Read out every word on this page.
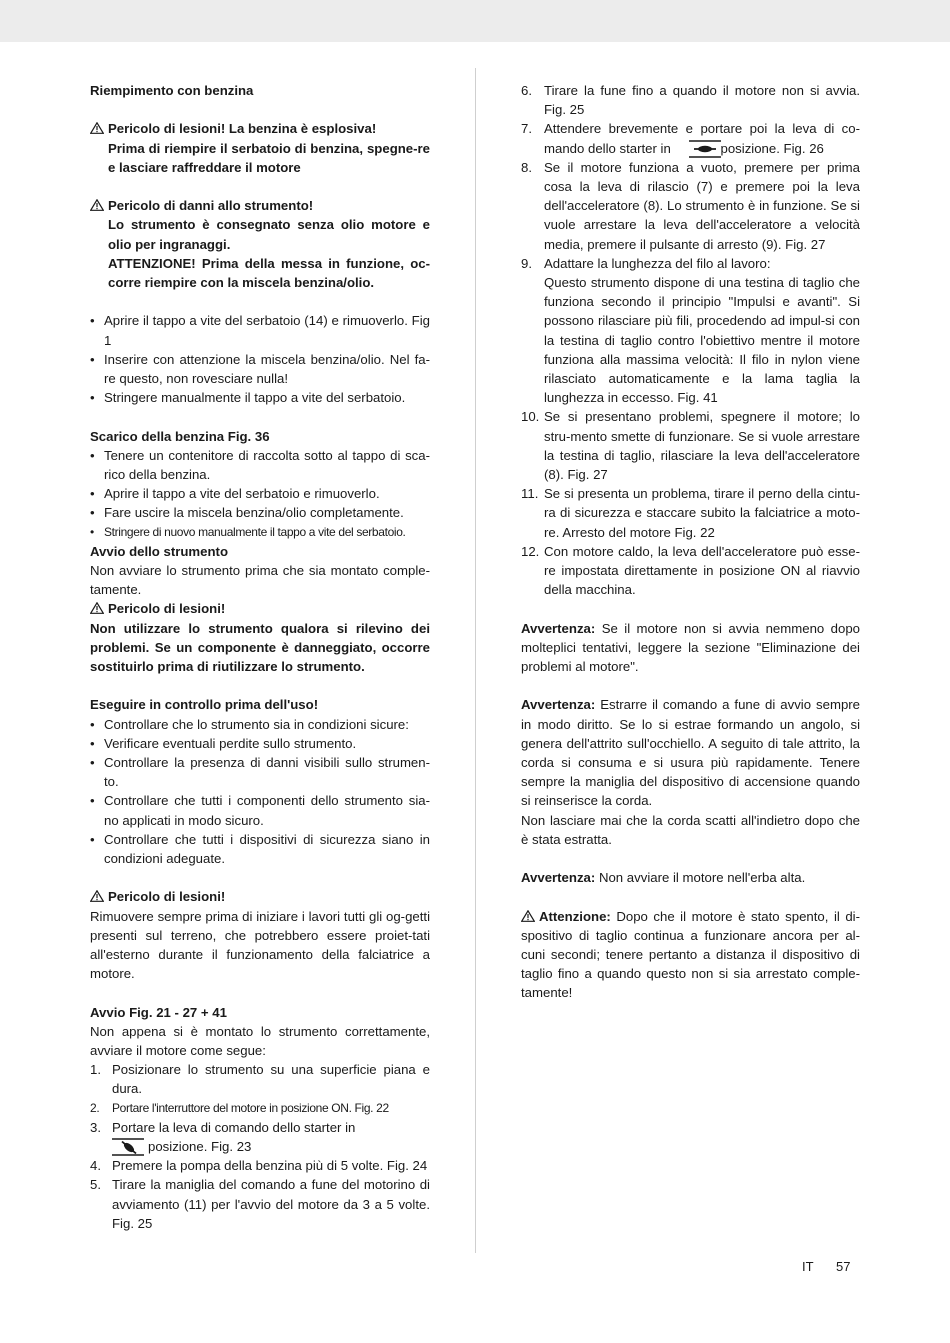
Riempimento con benzina

Pericolo di lesioni! La benzina è esplosiva!

Prima di riempire il serbatoio di benzina, spegne-re e lasciare raffreddare il motore

Pericolo di danni allo strumento!

Lo strumento è consegnato senza olio motore e olio per ingranaggi.

ATTENZIONE! Prima della messa in funzione, oc-corre riempire con la miscela benzina/olio.

• Aprire il tappo a vite del serbatoio (14) e rimuoverlo. Fig 1
• Inserire con attenzione la miscela benzina/olio. Nel fa-re questo, non rovesciare nulla!
• Stringere manualmente il tappo a vite del serbatoio.

Scarico della benzina Fig. 36

• Tenere un contenitore di raccolta sotto al tappo di sca-rico della benzina.
• Aprire il tappo a vite del serbatoio e rimuoverlo.
• Fare uscire la miscela benzina/olio completamente.
• Stringere di nuovo manualmente il tappo a vite del serbatoio.

Avvio dello strumento

Non avviare lo strumento prima che sia montato comple-tamente.

Pericolo di lesioni!

Non utilizzare lo strumento qualora si rilevino dei problemi. Se un componente è danneggiato, occorre sostituirlo prima di riutilizzare lo strumento.

Eseguire in controllo prima dell'uso!

• Controllare che lo strumento sia in condizioni sicure:
• Verificare eventuali perdite sullo strumento.
• Controllare la presenza di danni visibili sullo strumen-to.
• Controllare che tutti i componenti dello strumento sia-no applicati in modo sicuro.
• Controllare che tutti i dispositivi di sicurezza siano in condizioni adeguate.

Pericolo di lesioni!

Rimuovere sempre prima di iniziare i lavori tutti gli og-getti presenti sul terreno, che potrebbero essere proiet-tati all'esterno durante il funzionamento della falciatrice a motore.

Avvio Fig. 21 - 27 + 41

Non appena si è montato lo strumento correttamente, avviare il motore come segue:

1. Posizionare lo strumento su una superficie piana e dura.
2. Portare l'interruttore del motore in posizione ON. Fig. 22
3. Portare la leva di comando dello starter in
posizione. Fig. 23
4. Premere la pompa della benzina più di 5 volte. Fig. 24
5. Tirare la maniglia del comando a fune del motorino di avviamento (11) per l'avvio del motore da 3 a 5 volte. Fig. 25
6. Tirare la fune fino a quando il motore non si avvia. Fig. 25
7. Attendere brevemente e portare poi la leva di co-mando dello starter in	posizione. Fig. 26
8. Se il motore funziona a vuoto, premere per prima cosa la leva di rilascio (7) e premere poi la leva dell'acceleratore (8). Lo strumento è in funzione. Se si vuole arrestare la leva dell'acceleratore a velocità media, premere il pulsante di arresto (9). Fig. 27
9. Adattare la lunghezza del filo al lavoro:
Questo strumento dispone di una testina di taglio che funziona secondo il principio "Impulsi e avanti". Si possono rilasciare più fili, procedendo ad impul-si con la testina di taglio contro l'obiettivo mentre il motore funziona alla massima velocità: Il filo in nylon viene rilasciato automaticamente e la lama taglia la lunghezza in eccesso. Fig. 41
10. Se si presentano problemi, spegnere il motore; lo stru-mento smette di funzionare. Se si vuole arrestare la testina di taglio, rilasciare la leva dell'acceleratore (8). Fig. 27
11. Se si presenta un problema, tirare il perno della cintu-ra di sicurezza e staccare subito la falciatrice a moto-re. Arresto del motore Fig. 22
12. Con motore caldo, la leva dell'acceleratore può esse-re impostata direttamente in posizione ON al riavvio della macchina.

Avvertenza: Se il motore non si avvia nemmeno dopo molteplici tentativi, leggere la sezione "Eliminazione dei problemi al motore".

Avvertenza: Estrarre il comando a fune di avvio sempre in modo diritto. Se lo si estrae formando un angolo, si genera dell'attrito sull'occhiello. A seguito di tale attrito, la corda si consuma e si usura più rapidamente. Tenere sempre la maniglia del dispositivo di accensione quando si reinserisce la corda.

Non lasciare mai che la corda scatti all'indietro dopo che è stata estratta.

Avvertenza: Non avviare il motore nell'erba alta.

Attenzione: Dopo che il motore è stato spento, il di-spositivo di taglio continua a funzionare ancora per al-cuni secondi; tenere pertanto a distanza il dispositivo di taglio fino a quando questo non si sia arrestato comple-tamente!

IT 57
